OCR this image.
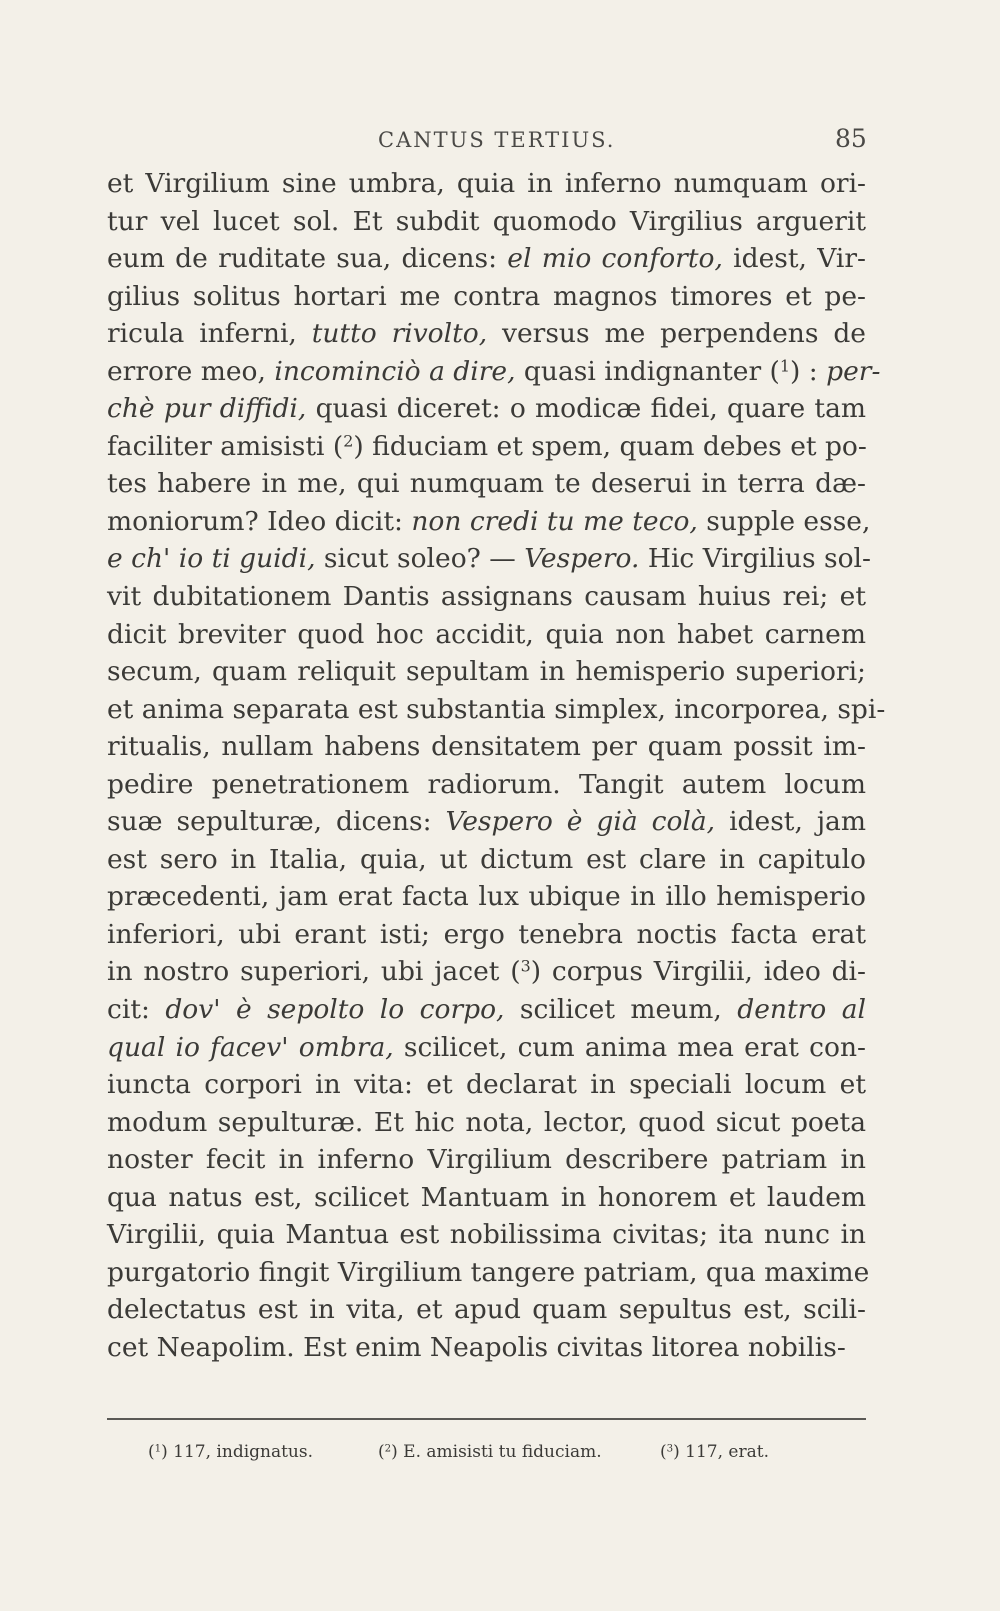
CANTUS TERTIUS.	85
et Virgilium sine umbra, quia in inferno numquam ori-
tur vel lucet sol. Et subdit quomodo Virgilius arguerit
eum de ruditate sua, dicens: el mio conforto, idest, Vir-
gilius solitus hortari me contra magnos timores et pe-
ricula inferni, tutto rivolto, versus me perpendens de
errore meo, incominciò a dire, quasi indignanter ($^1$) : per-
chè pur diffidi, quasi diceret: o modicæ fidei, quare tam
faciliter amisisti ($^2$) fiduciam et spem, quam debes et po-
tes habere in me, qui numquam te deserui in terra dæ-
moniorum? Ideo dicit: non credi tu me teco, supple esse,
e ch' io ti guidi, sicut soleo? — Vespero. Hic Virgilius sol-
vit dubitationem Dantis assignans causam huius rei; et
dicit breviter quod hoc accidit, quia non habet carnem
secum, quam reliquit sepultam in hemisperio superiori;
et anima separata est substantia simplex, incorporea, spi-
ritualis, nullam habens densitatem per quam possit im-
pedire penetrationem radiorum. Tangit autem locum
suæ sepulturæ, dicens: Vespero è già colà, idest, jam
est sero in Italia, quia, ut dictum est clare in capitulo
præcedenti, jam erat facta lux ubique in illo hemisperio
inferiori, ubi erant isti; ergo tenebra noctis facta erat
in nostro superiori, ubi jacet ($^3$) corpus Virgilii, ideo di-
cit: dov' è sepolto lo corpo, scilicet meum, dentro al
qual io facev' ombra, scilicet, cum anima mea erat con-
iuncta corpori in vita: et declarat in speciali locum et
modum sepulturæ. Et hic nota, lector, quod sicut poeta
noster fecit in inferno Virgilium describere patriam in
qua natus est, scilicet Mantuam in honorem et laudem
Virgilii, quia Mantua est nobilissima civitas; ita nunc in
purgatorio fingit Virgilium tangere patriam, qua maxime
delectatus est in vita, et apud quam sepultus est, scili-
cet Neapolim. Est enim Neapolis civitas litorea nobilis-
($^1$) 117, indignatus.	($^2$) E. amisisti tu fiduciam.	($^3$) 117, erat.
